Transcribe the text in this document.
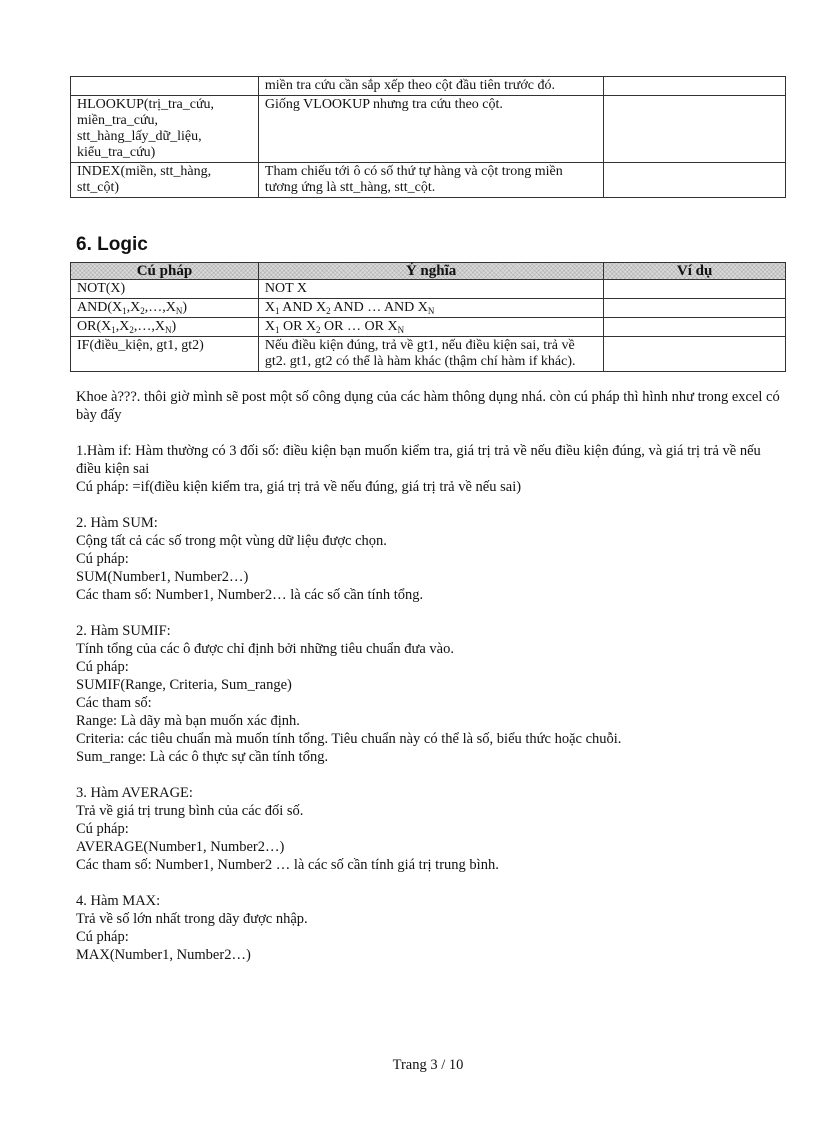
	miền tra cứu cần sắp xếp theo cột đầu tiên trước đó.	
HLOOKUP(trị_tra_cứu, miền_tra_cứu, stt_hàng_lấy_dữ_liệu, kiểu_tra_cứu)	Giống VLOOKUP nhưng tra cứu theo cột.	
INDEX(miền, stt_hàng, stt_cột)	Tham chiếu tới ô có số thứ tự hàng và cột trong miền tương ứng là stt_hàng, stt_cột.	
6. Logic
Cú pháp	Ý nghĩa	Ví dụ
NOT(X)	NOT X	
$AND(X_1,X_2,\dots,X_N)$	$X_1$ AND $X_2$ AND … AND $X_N$	
$OR(X_1,X_2,\dots,X_N)$	$X_1$ OR $X_2$ OR … OR $X_N$	
IF(điều_kiện, gt1, gt2)	Nếu điều kiện đúng, trả về gt1, nếu điều kiện sai, trả về gt2. gt1, gt2 có thể là hàm khác (thậm chí hàm if khác).	
Khoe à???. thôi giờ mình sẽ post một số công dụng của các hàm thông dụng nhá. còn cú pháp thì hình như trong excel có bày đấy
1.Hàm if: Hàm thường có 3 đối số: điều kiện bạn muốn kiểm tra, giá trị trả về nếu điều kiện đúng, và giá trị trả về nếu điều kiện sai
Cú pháp: =if(điều kiện kiểm tra, giá trị trả về nếu đúng, giá trị trả về nếu sai)
2. Hàm SUM:
Cộng tất cả các số trong một vùng dữ liệu được chọn.
Cú pháp:
SUM(Number1, Number2…)
Các tham số: Number1, Number2… là các số cần tính tổng.
2. Hàm SUMIF:
Tính tổng của các ô được chỉ định bởi những tiêu chuẩn đưa vào.
Cú pháp:
SUMIF(Range, Criteria, Sum_range)
Các tham số:
Range: Là dãy mà bạn muốn xác định.
Criteria: các tiêu chuẩn mà muốn tính tổng. Tiêu chuẩn này có thể là số, biểu thức hoặc chuỗi.
Sum_range: Là các ô thực sự cần tính tổng.
3. Hàm AVERAGE:
Trả về giá trị trung bình của các đối số.
Cú pháp:
AVERAGE(Number1, Number2…)
Các tham số: Number1, Number2 … là các số cần tính giá trị trung bình.
4. Hàm MAX:
Trả về số lớn nhất trong dãy được nhập.
Cú pháp:
MAX(Number1, Number2…)
Trang 3 / 10
